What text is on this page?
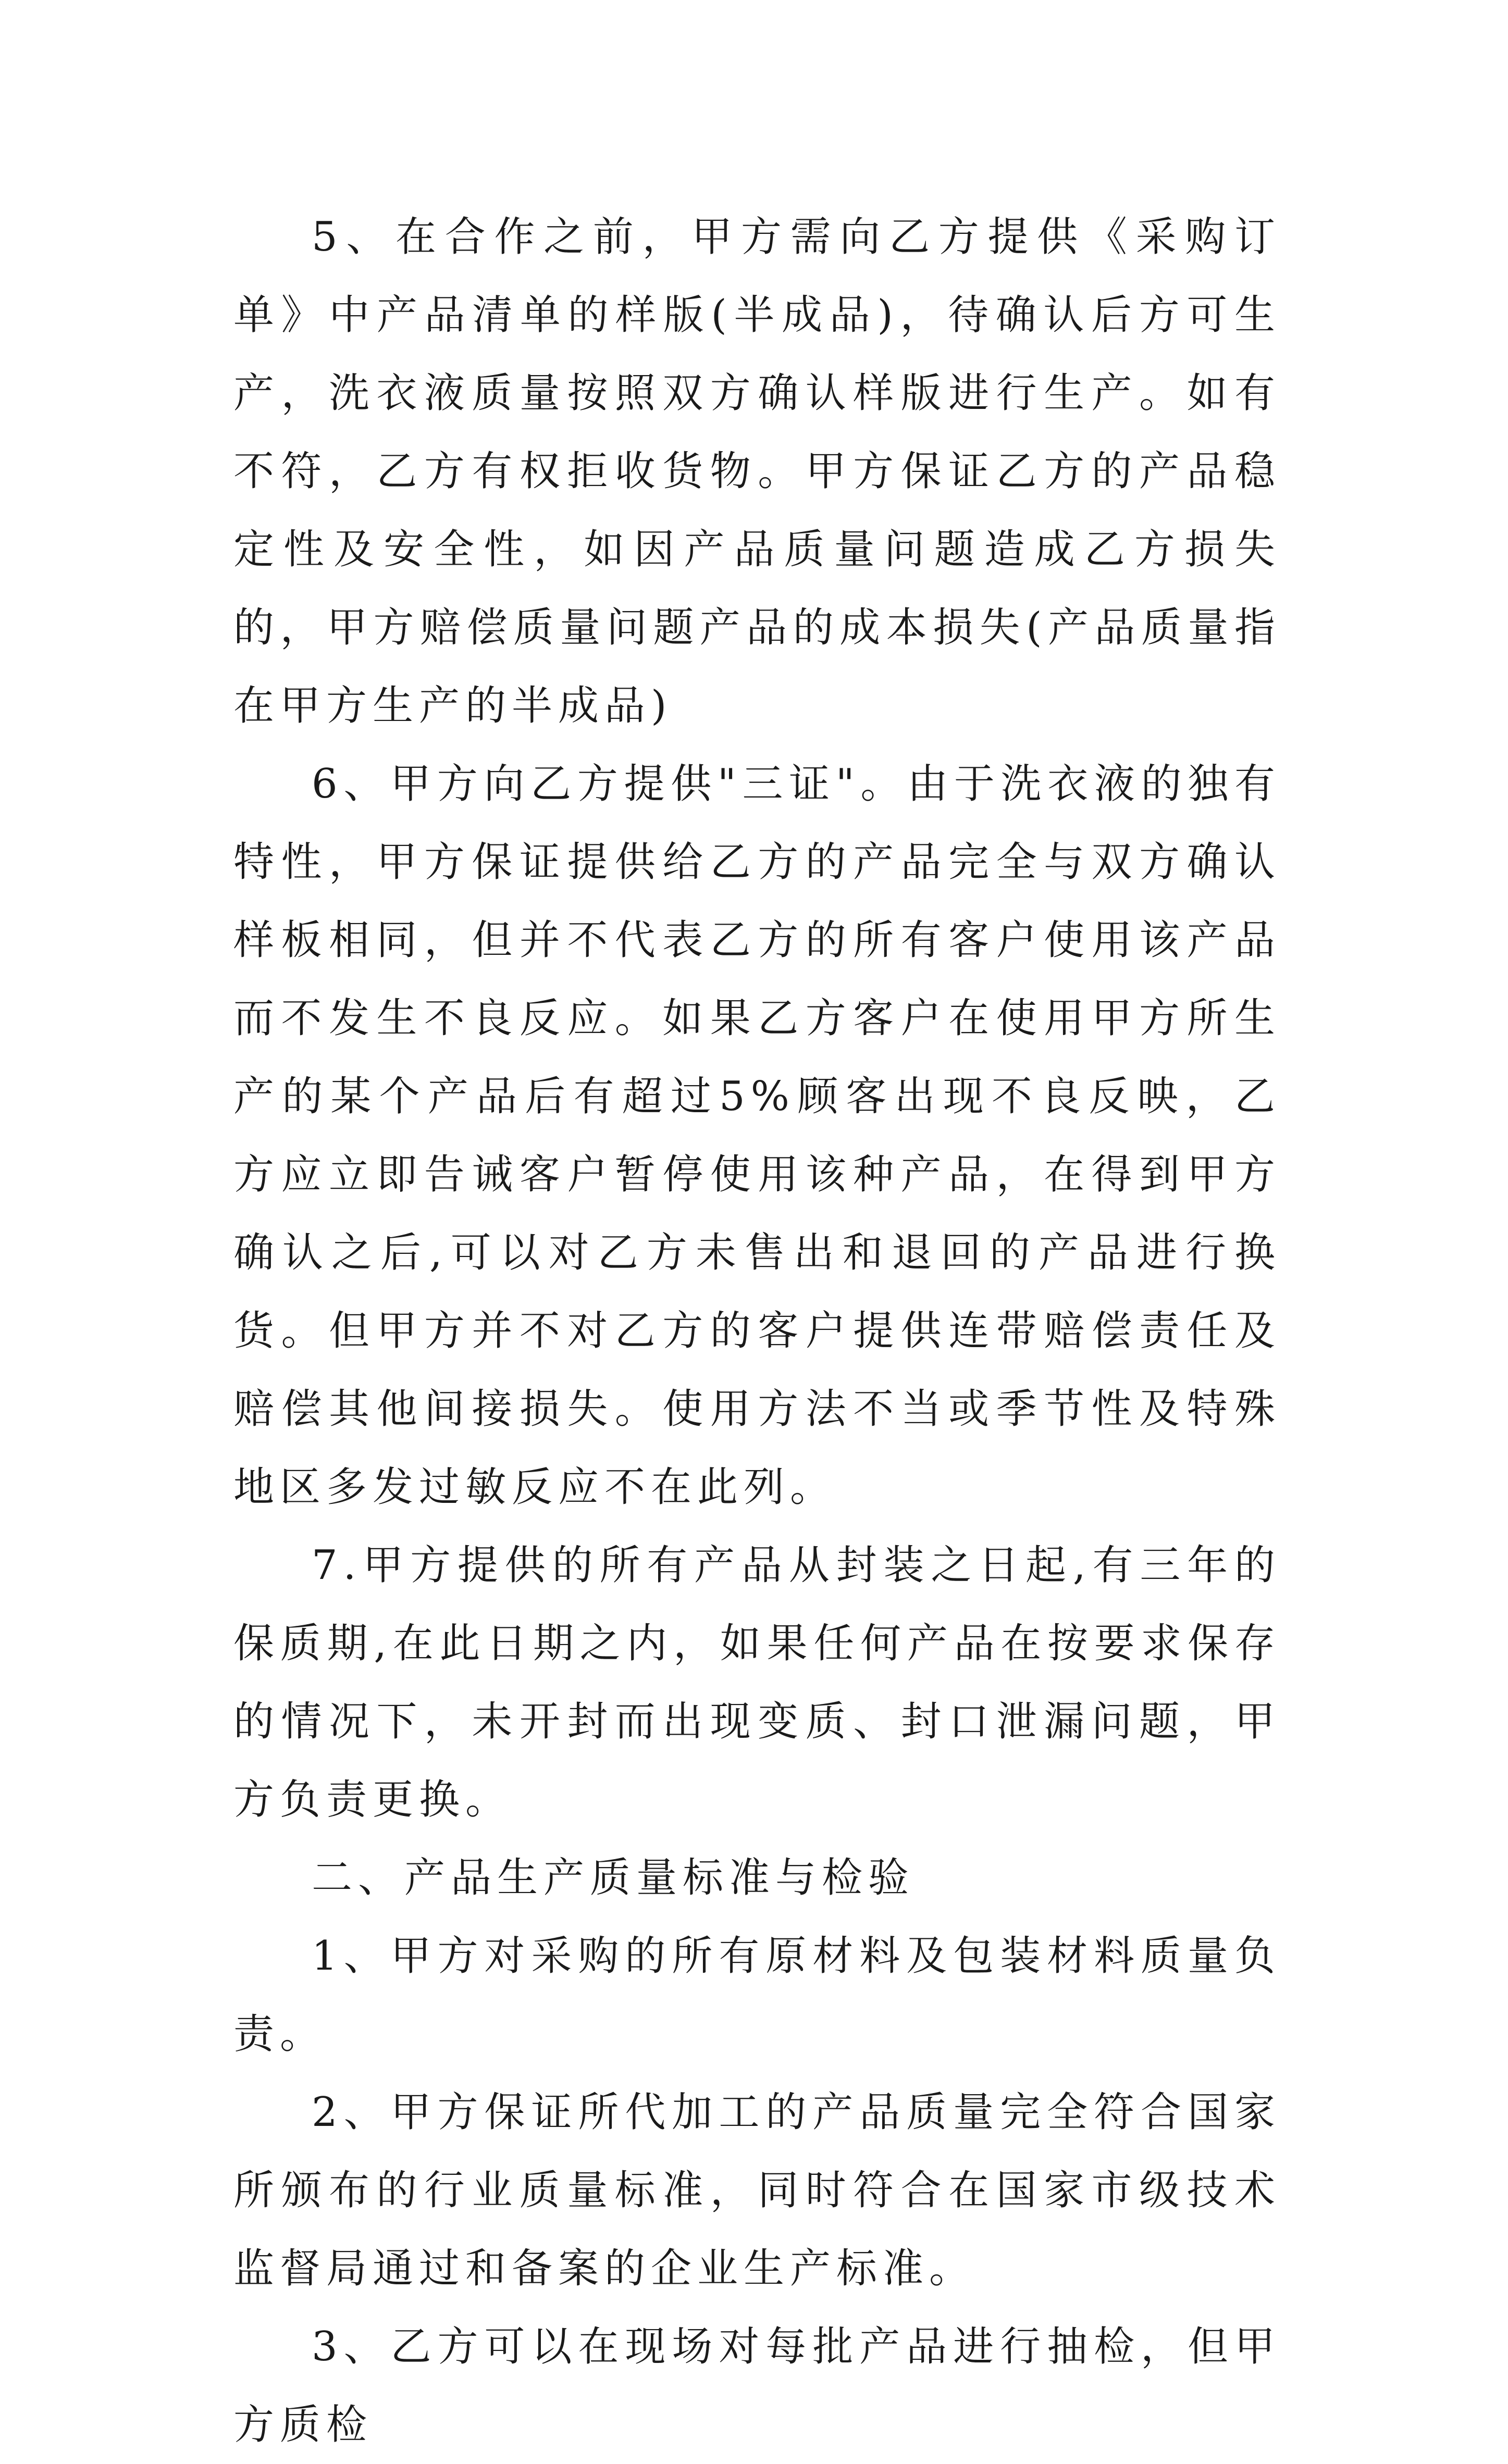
5、在合作之前，甲方需向乙方提供《采购订单》中产品清单的样版(半成品)，待确认后方可生产，洗衣液质量按照双方确认样版进行生产。如有不符，乙方有权拒收货物。甲方保证乙方的产品稳定性及安全性，如因产品质量问题造成乙方损失的，甲方赔偿质量问题产品的成本损失(产品质量指在甲方生产的半成品)

6、甲方向乙方提供"三证"。由于洗衣液的独有特性，甲方保证提供给乙方的产品完全与双方确认样板相同，但并不代表乙方的所有客户使用该产品而不发生不良反应。如果乙方客户在使用甲方所生产的某个产品后有超过5%顾客出现不良反映，乙方应立即告诫客户暂停使用该种产品，在得到甲方确认之后,可以对乙方未售出和退回的产品进行换货。但甲方并不对乙方的客户提供连带赔偿责任及赔偿其他间接损失。使用方法不当或季节性及特殊地区多发过敏反应不在此列。

7.甲方提供的所有产品从封装之日起,有三年的保质期,在此日期之内，如果任何产品在按要求保存的情况下，未开封而出现变质、封口泄漏问题，甲方负责更换。

二、产品生产质量标准与检验

1、甲方对采购的所有原材料及包装材料质量负责。

2、甲方保证所代加工的产品质量完全符合国家所颁布的行业质量标准，同时符合在国家市级技术监督局通过和备案的企业生产标准。

3、乙方可以在现场对每批产品进行抽检，但甲方质检
